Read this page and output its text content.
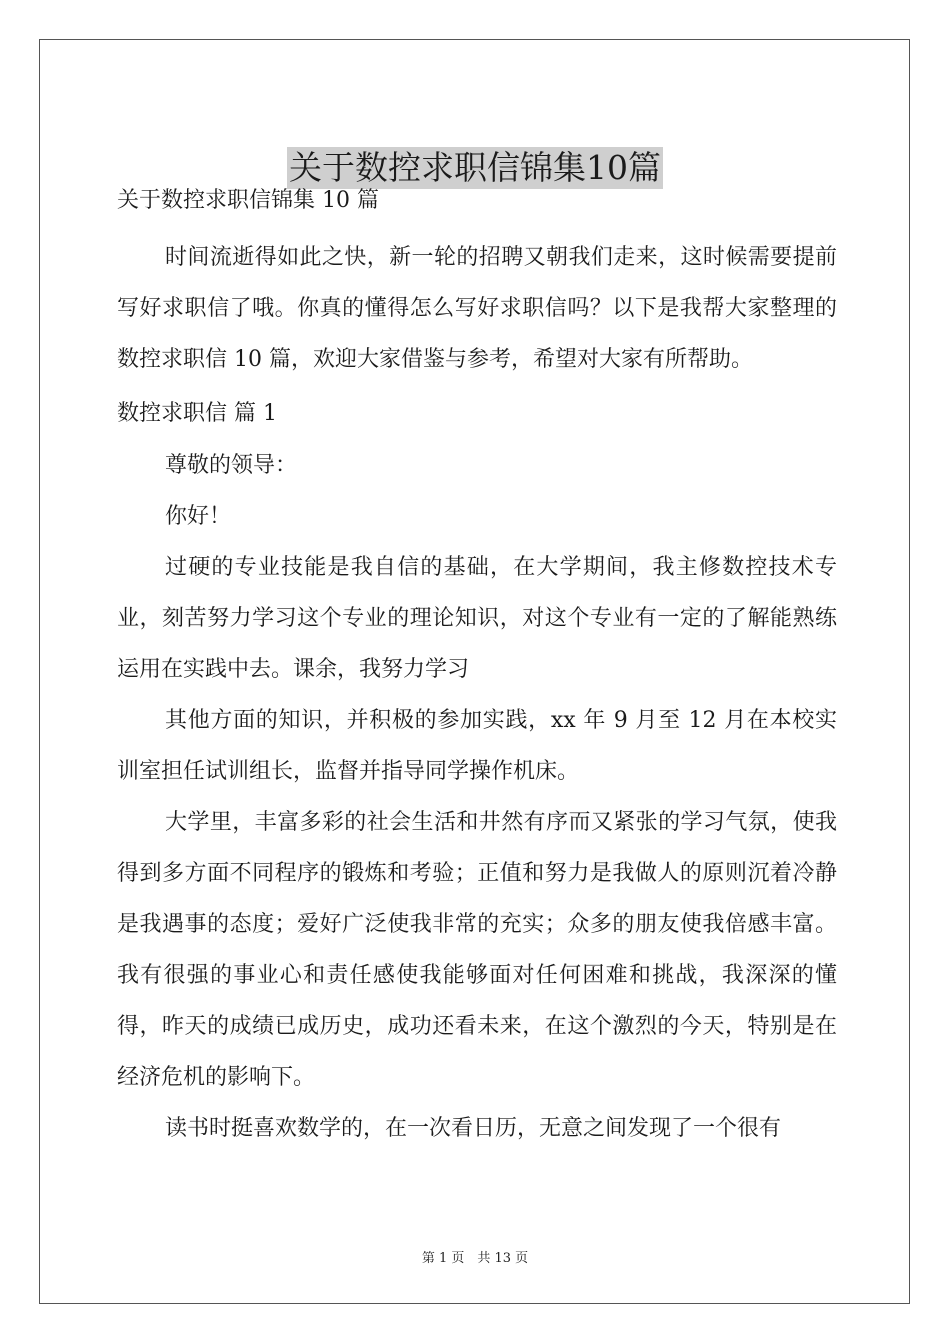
关于数控求职信锦集10篇
关于数控求职信锦集 10 篇

时间流逝得如此之快，新一轮的招聘又朝我们走来，这时候需要提前写好求职信了哦。你真的懂得怎么写好求职信吗？以下是我帮大家整理的数控求职信 10 篇，欢迎大家借鉴与参考，希望对大家有所帮助。

数控求职信 篇 1

尊敬的领导：

你好！

过硬的专业技能是我自信的基础，在大学期间，我主修数控技术专业，刻苦努力学习这个专业的理论知识，对这个专业有一定的了解能熟练运用在实践中去。课余，我努力学习

其他方面的知识，并积极的参加实践，xx 年 9 月至 12 月在本校实训室担任试训组长，监督并指导同学操作机床。

大学里，丰富多彩的社会生活和井然有序而又紧张的学习气氛，使我得到多方面不同程序的锻炼和考验；正值和努力是我做人的原则沉着冷静是我遇事的态度；爱好广泛使我非常的充实；众多的朋友使我倍感丰富。我有很强的事业心和责任感使我能够面对任何困难和挑战，我深深的懂得，昨天的成绩已成历史，成功还看未来，在这个激烈的今天，特别是在经济危机的影响下。

读书时挺喜欢数学的，在一次看日历，无意之间发现了一个很有

第 1 页　共 13 页
